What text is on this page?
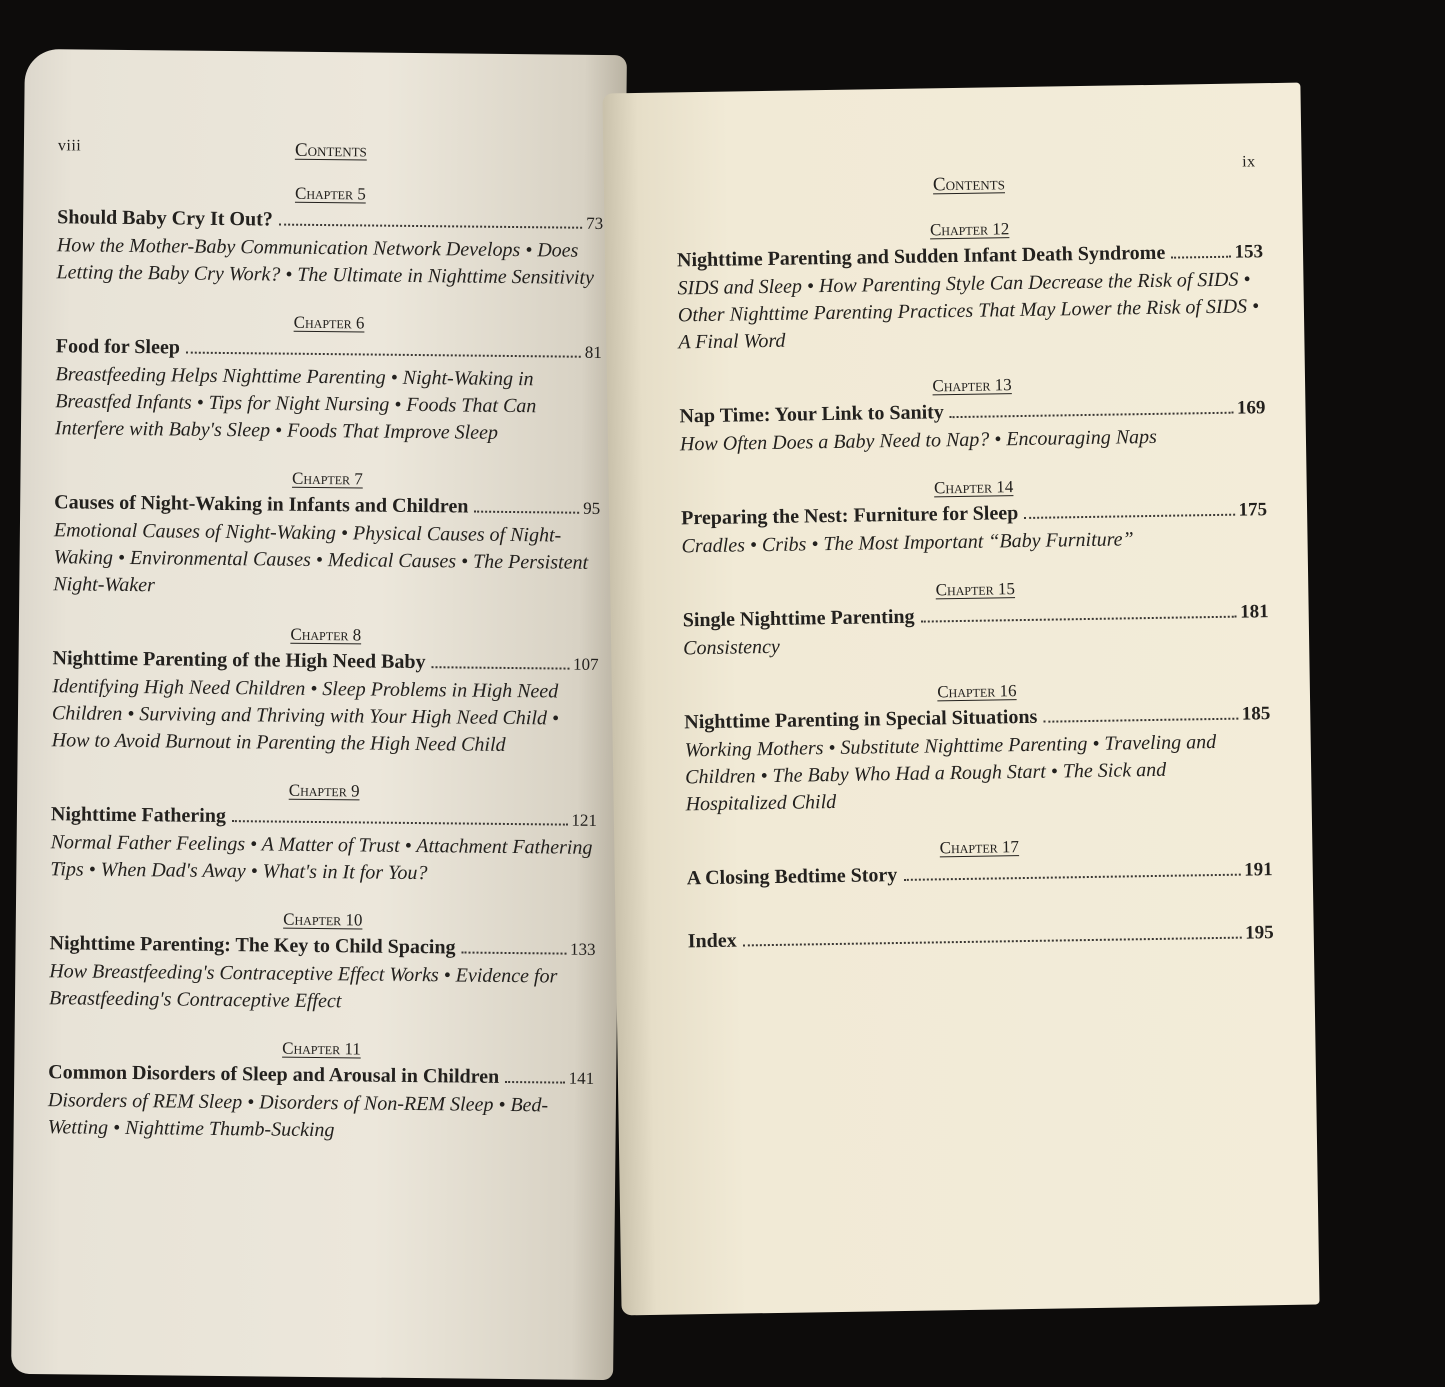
viii	Contents
Chapter 5
Should Baby Cry It Out?	73
How the Mother-Baby Communication Network Develops • Does Letting the Baby Cry Work? • The Ultimate in Nighttime Sensitivity
Chapter 6
Food for Sleep	81
Breastfeeding Helps Nighttime Parenting • Night-Waking in Breastfed Infants • Tips for Night Nursing • Foods That Can Interfere with Baby's Sleep • Foods That Improve Sleep
Chapter 7
Causes of Night-Waking in Infants and Children	95
Emotional Causes of Night-Waking • Physical Causes of Night-Waking • Environmental Causes • Medical Causes • The Persistent Night-Waker
Chapter 8
Nighttime Parenting of the High Need Baby	107
Identifying High Need Children • Sleep Problems in High Need Children • Surviving and Thriving with Your High Need Child • How to Avoid Burnout in Parenting the High Need Child
Chapter 9
Nighttime Fathering	121
Normal Father Feelings • A Matter of Trust • Attachment Fathering Tips • When Dad's Away • What's in It for You?
Chapter 10
Nighttime Parenting: The Key to Child Spacing	133
How Breastfeeding's Contraceptive Effect Works • Evidence for Breastfeeding's Contraceptive Effect
Chapter 11
Common Disorders of Sleep and Arousal in Children	141
Disorders of REM Sleep • Disorders of Non-REM Sleep • Bed-Wetting • Nighttime Thumb-Sucking
ix
Contents
Chapter 12
Nighttime Parenting and Sudden Infant Death Syndrome	153
SIDS and Sleep • How Parenting Style Can Decrease the Risk of SIDS • Other Nighttime Parenting Practices That May Lower the Risk of SIDS • A Final Word
Chapter 13
Nap Time: Your Link to Sanity	169
How Often Does a Baby Need to Nap? • Encouraging Naps
Chapter 14
Preparing the Nest: Furniture for Sleep	175
Cradles • Cribs • The Most Important “Baby Furniture”
Chapter 15
Single Nighttime Parenting	181
Consistency
Chapter 16
Nighttime Parenting in Special Situations	185
Working Mothers • Substitute Nighttime Parenting • Traveling and Children • The Baby Who Had a Rough Start • The Sick and Hospitalized Child
Chapter 17
A Closing Bedtime Story	191
Index	195
